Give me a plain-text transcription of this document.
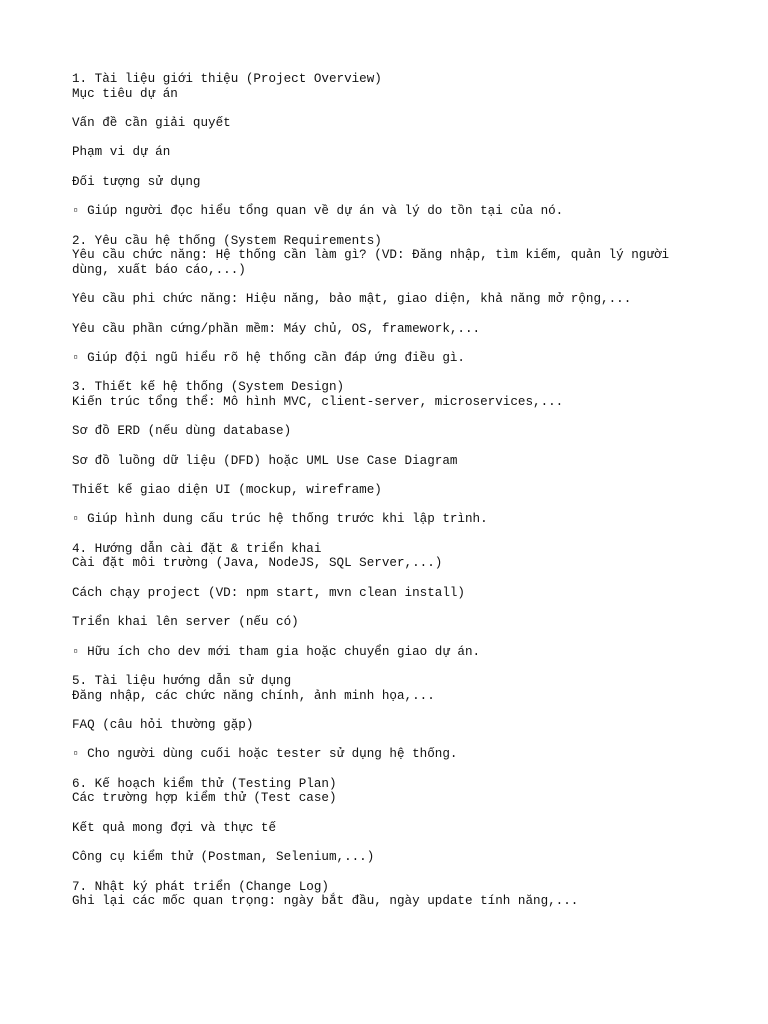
1. Tài liệu giới thiệu (Project Overview)
Mục tiêu dự án
Vấn đề cần giải quyết
Phạm vi dự án
Đối tượng sử dụng
▫ Giúp người đọc hiểu tổng quan về dự án và lý do tồn tại của nó.
2. Yêu cầu hệ thống (System Requirements)
Yêu cầu chức năng: Hệ thống cần làm gì? (VD: Đăng nhập, tìm kiếm, quản lý người
dùng, xuất báo cáo,...)
Yêu cầu phi chức năng: Hiệu năng, bảo mật, giao diện, khả năng mở rộng,...
Yêu cầu phần cứng/phần mềm: Máy chủ, OS, framework,...
▫ Giúp đội ngũ hiểu rõ hệ thống cần đáp ứng điều gì.
3. Thiết kế hệ thống (System Design)
Kiến trúc tổng thể: Mô hình MVC, client-server, microservices,...
Sơ đồ ERD (nếu dùng database)
Sơ đồ luồng dữ liệu (DFD) hoặc UML Use Case Diagram
Thiết kế giao diện UI (mockup, wireframe)
▫ Giúp hình dung cấu trúc hệ thống trước khi lập trình.
4. Hướng dẫn cài đặt & triển khai
Cài đặt môi trường (Java, NodeJS, SQL Server,...)
Cách chạy project (VD: npm start, mvn clean install)
Triển khai lên server (nếu có)
▫ Hữu ích cho dev mới tham gia hoặc chuyển giao dự án.
5. Tài liệu hướng dẫn sử dụng
Đăng nhập, các chức năng chính, ảnh minh họa,...
FAQ (câu hỏi thường gặp)
▫ Cho người dùng cuối hoặc tester sử dụng hệ thống.
6. Kế hoạch kiểm thử (Testing Plan)
Các trường hợp kiểm thử (Test case)
Kết quả mong đợi và thực tế
Công cụ kiểm thử (Postman, Selenium,...)
7. Nhật ký phát triển (Change Log)
Ghi lại các mốc quan trọng: ngày bắt đầu, ngày update tính năng,...
